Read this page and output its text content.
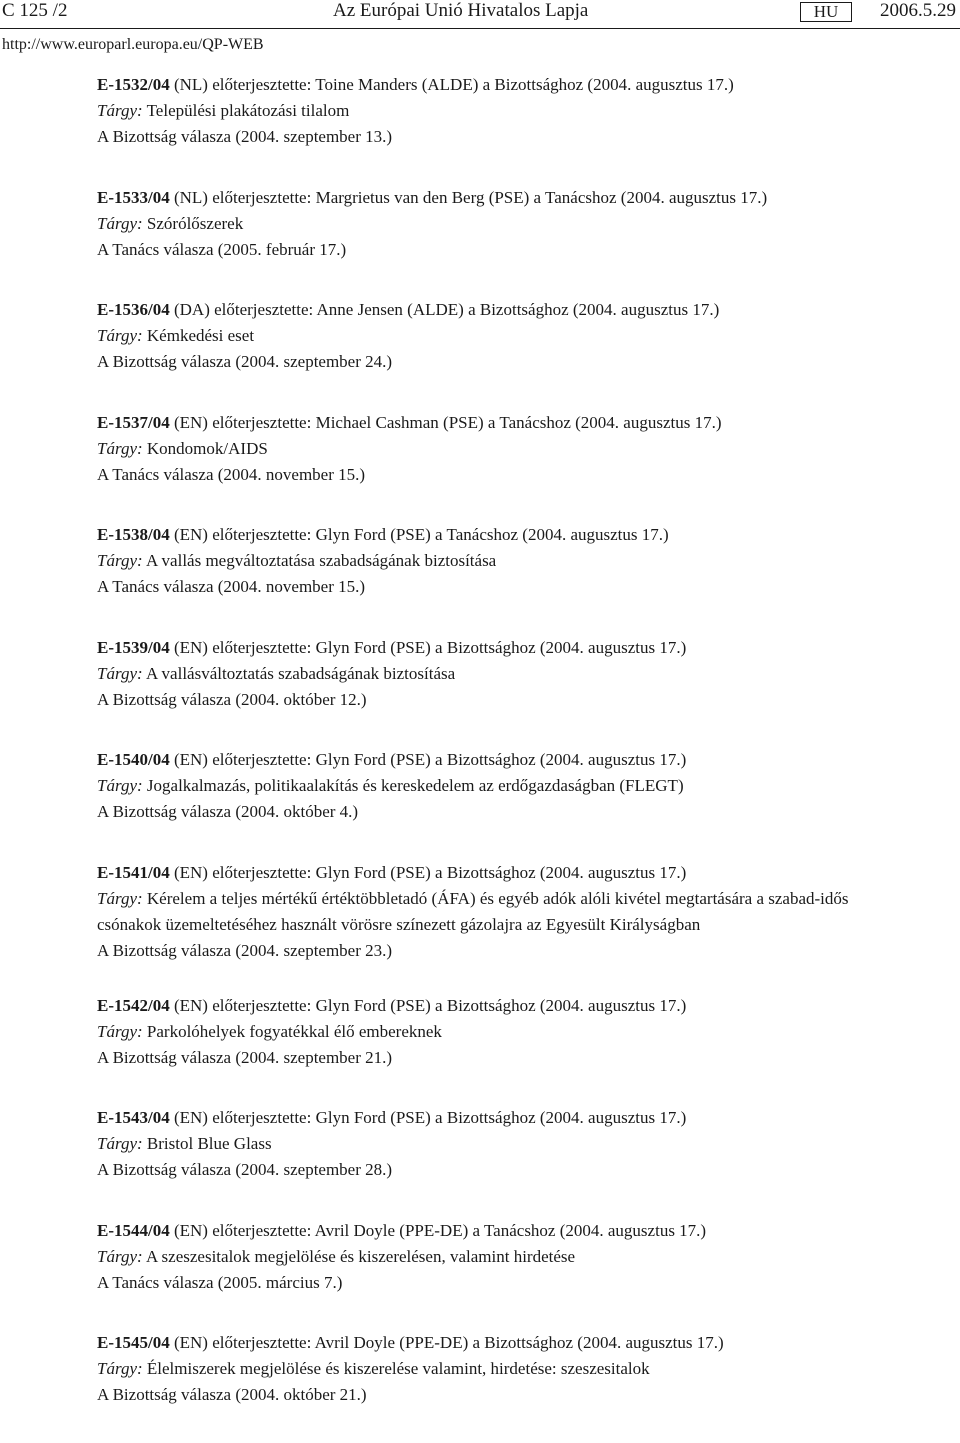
C 125 /2	Az Európai Unió Hivatalos Lapja	HU	2006.5.29
http://www.europarl.europa.eu/QP-WEB
E-1532/04 (NL) előterjesztette: Toine Manders (ALDE) a Bizottsághoz (2004. augusztus 17.)
Tárgy: Települési plakátozási tilalom
A Bizottság válasza (2004. szeptember 13.)
E-1533/04 (NL) előterjesztette: Margrietus van den Berg (PSE) a Tanácshoz (2004. augusztus 17.)
Tárgy: Szórólőszerek
A Tanács válasza (2005. február 17.)
E-1536/04 (DA) előterjesztette: Anne Jensen (ALDE) a Bizottsághoz (2004. augusztus 17.)
Tárgy: Kémkedési eset
A Bizottság válasza (2004. szeptember 24.)
E-1537/04 (EN) előterjesztette: Michael Cashman (PSE) a Tanácshoz (2004. augusztus 17.)
Tárgy: Kondomok/AIDS
A Tanács válasza (2004. november 15.)
E-1538/04 (EN) előterjesztette: Glyn Ford (PSE) a Tanácshoz (2004. augusztus 17.)
Tárgy: A vallás megváltoztatása szabadságának biztosítása
A Tanács válasza (2004. november 15.)
E-1539/04 (EN) előterjesztette: Glyn Ford (PSE) a Bizottsághoz (2004. augusztus 17.)
Tárgy: A vallásváltoztatás szabadságának biztosítása
A Bizottság válasza (2004. október 12.)
E-1540/04 (EN) előterjesztette: Glyn Ford (PSE) a Bizottsághoz (2004. augusztus 17.)
Tárgy: Jogalkalmazás, politikaalakítás és kereskedelem az erdőgazdaságban (FLEGT)
A Bizottság válasza (2004. október 4.)
E-1541/04 (EN) előterjesztette: Glyn Ford (PSE) a Bizottsághoz (2004. augusztus 17.)
Tárgy: Kérelem a teljes mértékű értéktöbbletadó (ÁFA) és egyéb adók alóli kivétel megtartására a szabad-idős csónakok üzemeltetéséhez használt vörösre színezett gázolajra az Egyesült Királyságban
A Bizottság válasza (2004. szeptember 23.)
E-1542/04 (EN) előterjesztette: Glyn Ford (PSE) a Bizottsághoz (2004. augusztus 17.)
Tárgy: Parkolóhelyek fogyatékkal élő embereknek
A Bizottság válasza (2004. szeptember 21.)
E-1543/04 (EN) előterjesztette: Glyn Ford (PSE) a Bizottsághoz (2004. augusztus 17.)
Tárgy: Bristol Blue Glass
A Bizottság válasza (2004. szeptember 28.)
E-1544/04 (EN) előterjesztette: Avril Doyle (PPE-DE) a Tanácshoz (2004. augusztus 17.)
Tárgy: A szeszesitalok megjelölése és kiszerelésen, valamint hirdetése
A Tanács válasza (2005. március 7.)
E-1545/04 (EN) előterjesztette: Avril Doyle (PPE-DE) a Bizottsághoz (2004. augusztus 17.)
Tárgy: Élelmiszerek megjelölése és kiszerelése valamint, hirdetése: szeszesitalok
A Bizottság válasza (2004. október 21.)
